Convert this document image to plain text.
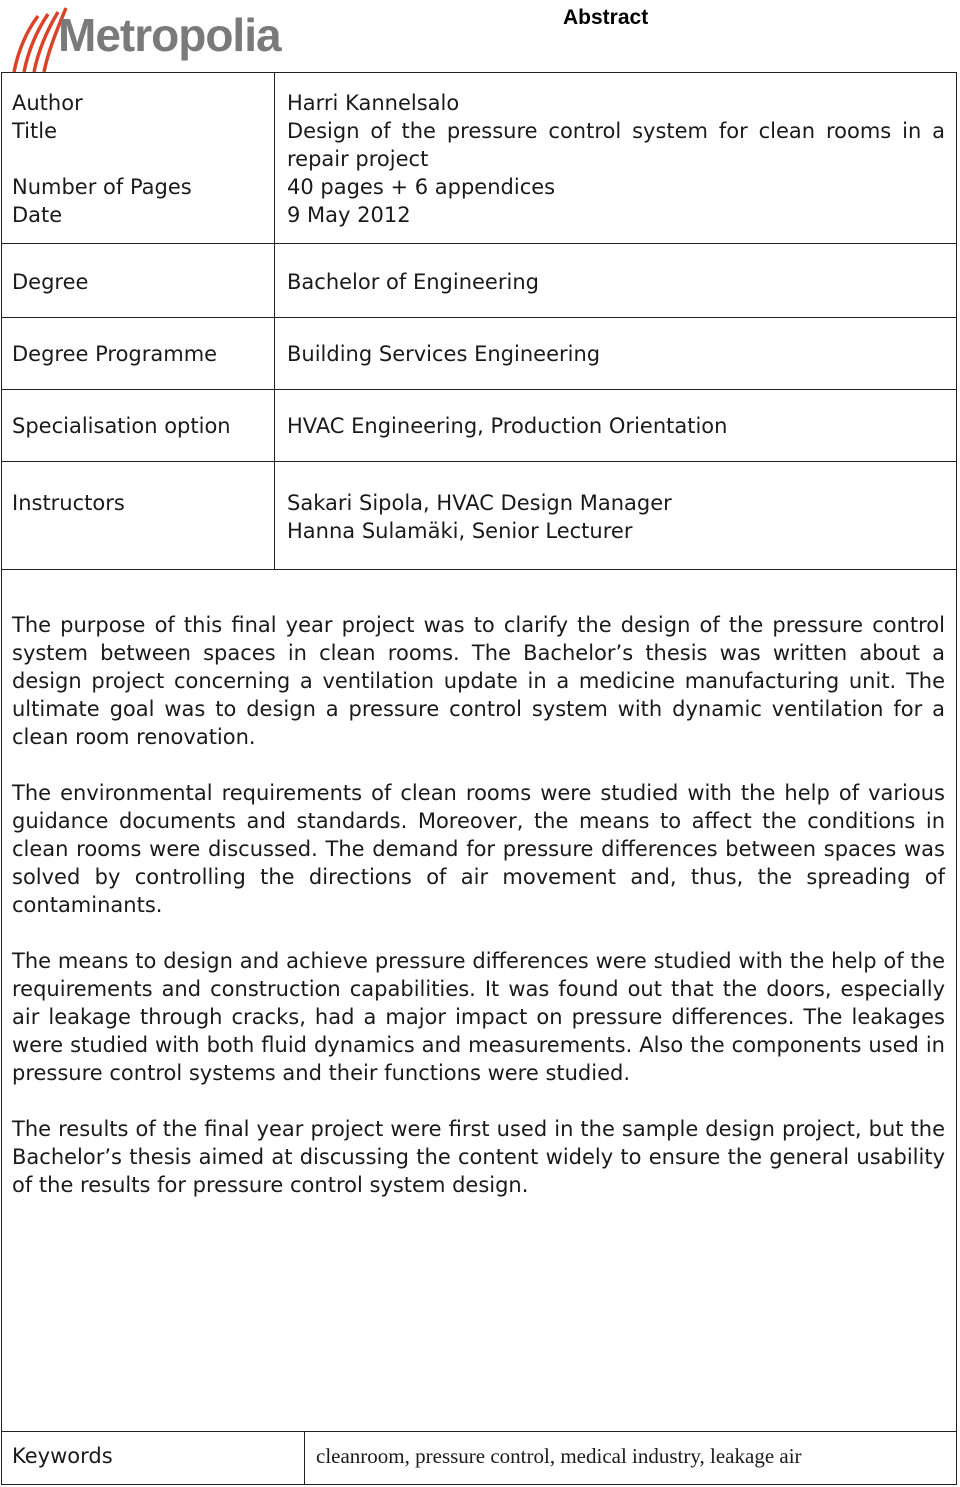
Metropolia	Abstract
Author	Harri Kannelsalo
Title	Design of the pressure control system for clean rooms in a repair project
Number of Pages	40 pages + 6 appendices
Date	9 May 2012
Degree	Bachelor of Engineering
Degree Programme	Building Services Engineering
Specialisation option	HVAC Engineering, Production Orientation
Instructors	Sakari Sipola, HVAC Design Manager
Hanna Sulamäki, Senior Lecturer

The purpose of this final year project was to clarify the design of the pressure control system between spaces in clean rooms. The Bachelor’s thesis was written about a design project concerning a ventilation update in a medicine manufacturing unit. The ultimate goal was to design a pressure control system with dynamic ventilation for a clean room renovation.

The environmental requirements of clean rooms were studied with the help of various guidance documents and standards. Moreover, the means to affect the conditions in clean rooms were discussed. The demand for pressure differences between spaces was solved by controlling the directions of air movement and, thus, the spreading of contaminants.

The means to design and achieve pressure differences were studied with the help of the requirements and construction capabilities. It was found out that the doors, especially air leakage through cracks, had a major impact on pressure differences. The leakages were studied with both fluid dynamics and measurements. Also the components used in pressure control systems and their functions were studied.

The results of the final year project were first used in the sample design project, but the Bachelor’s thesis aimed at discussing the content widely to ensure the general usability of the results for pressure control system design.

Keywords	cleanroom, pressure control, medical industry, leakage air
